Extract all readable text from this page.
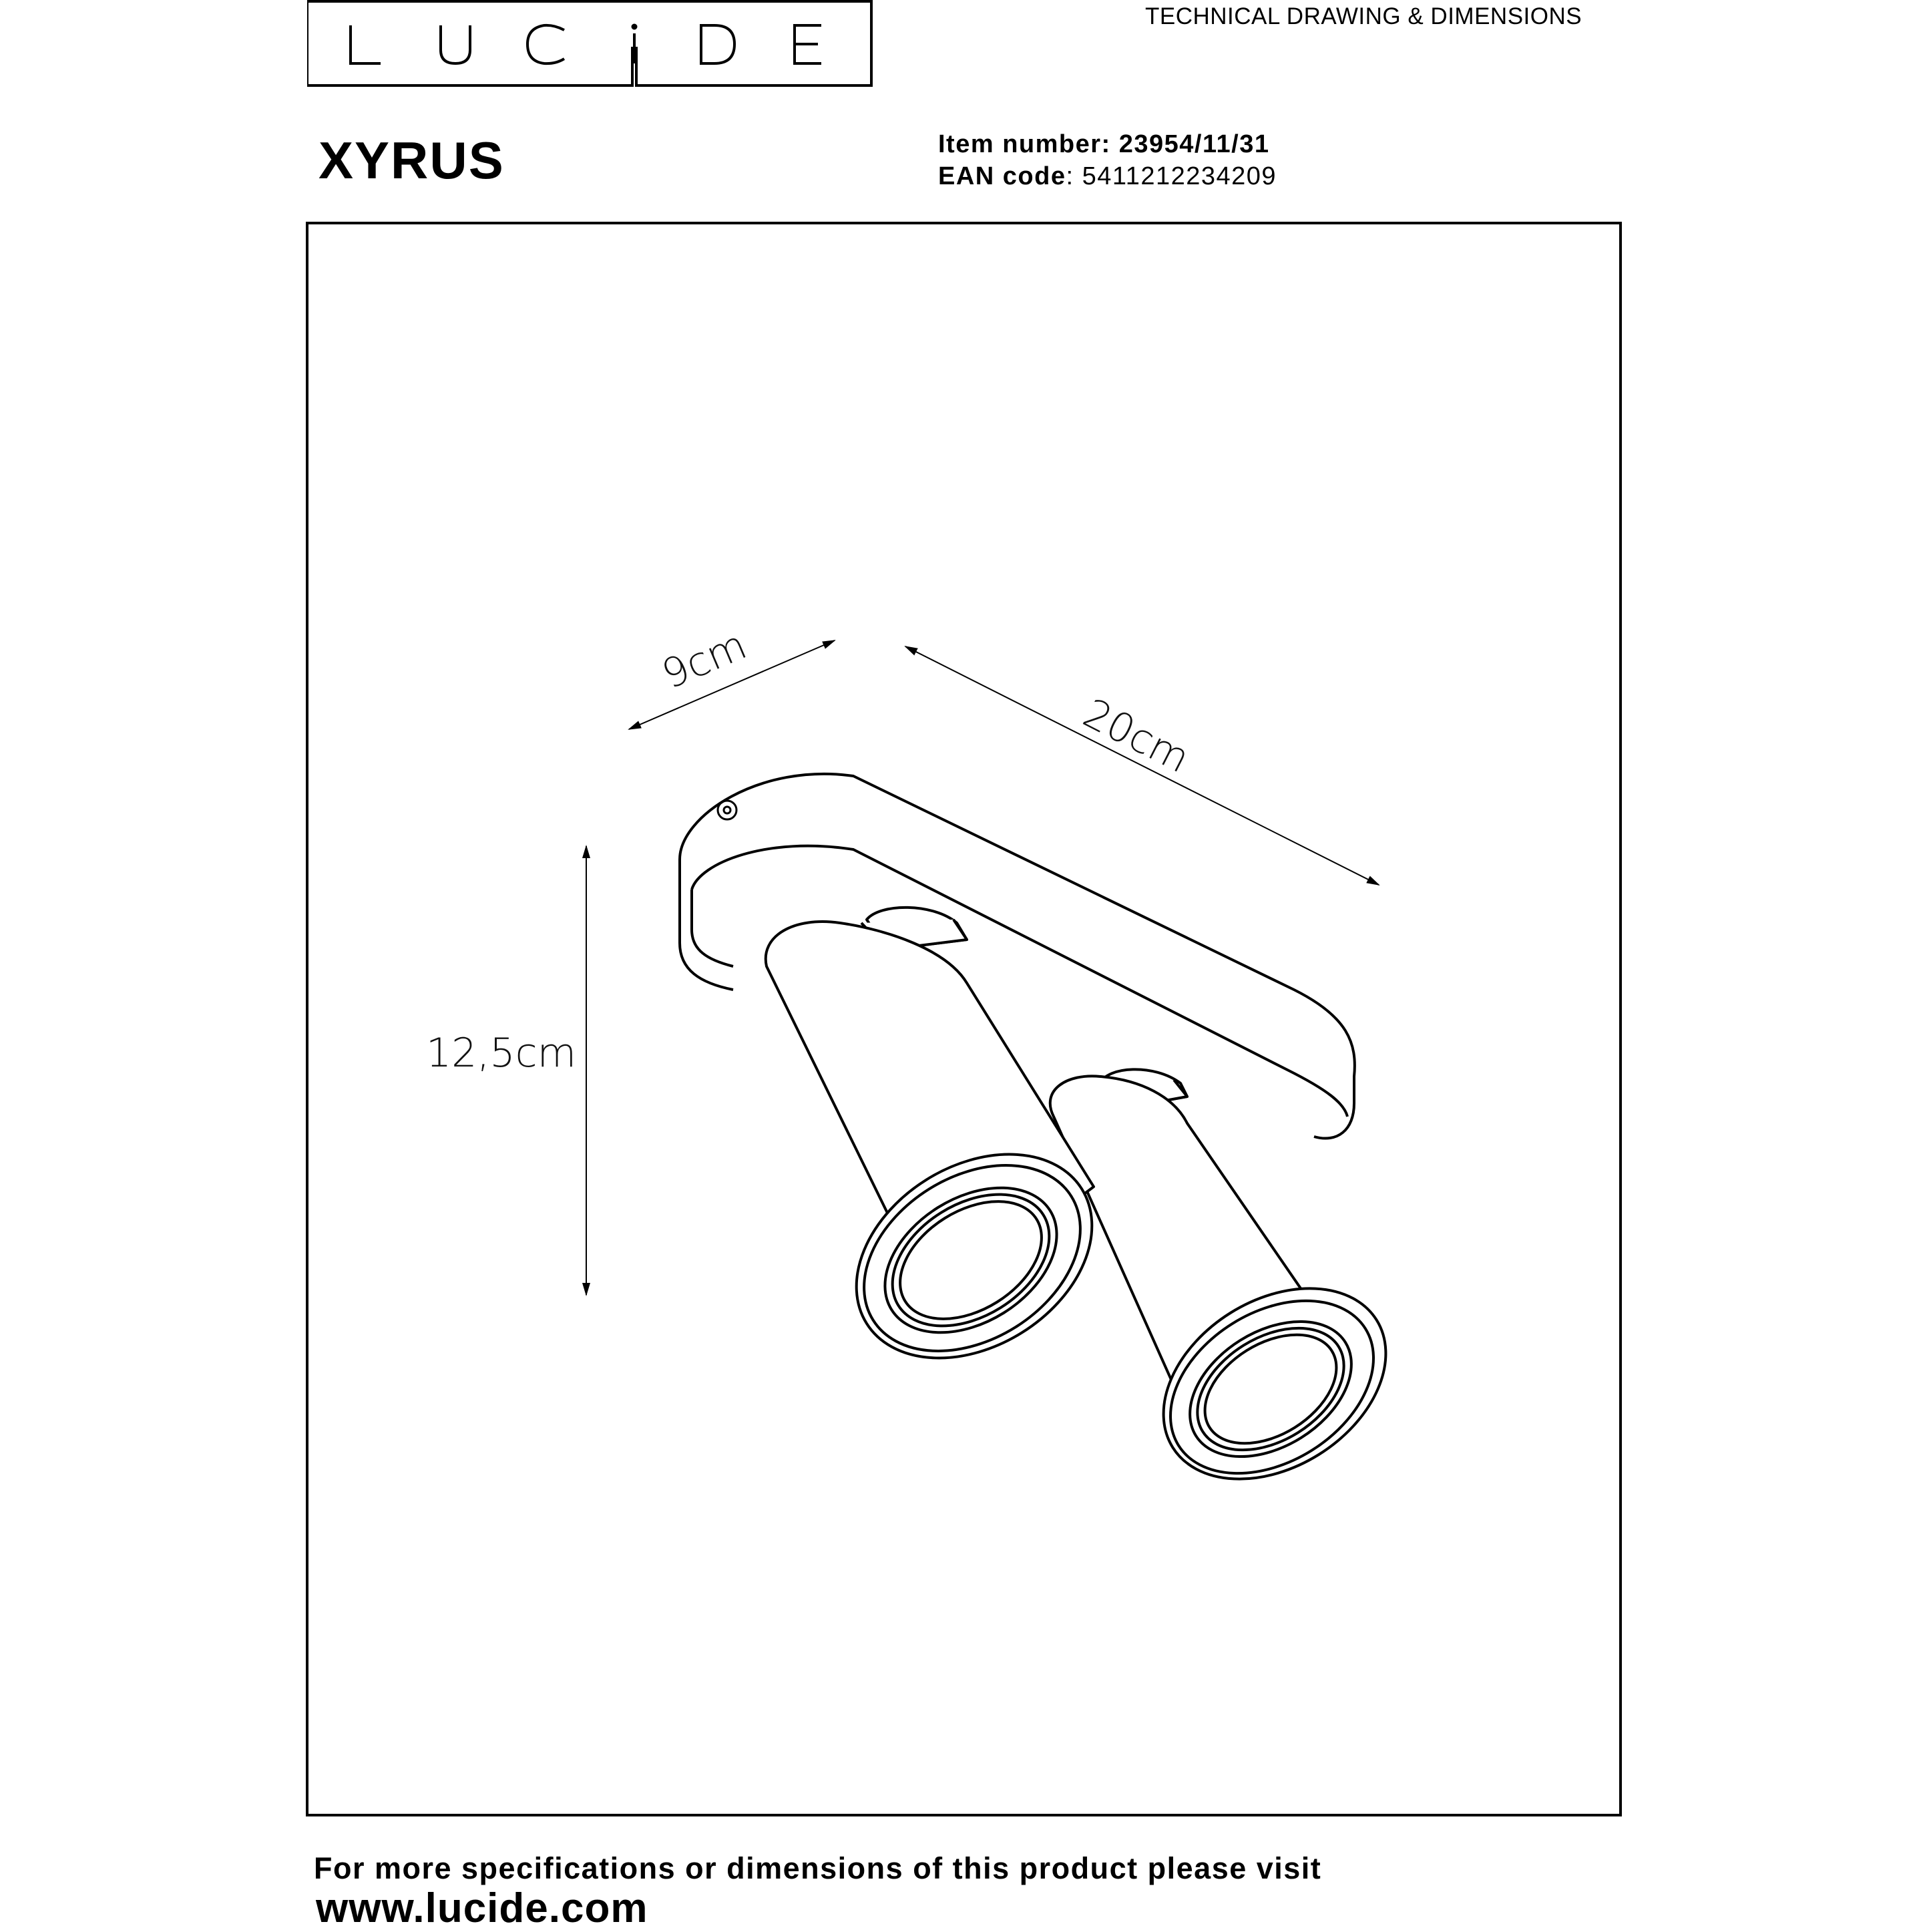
TECHNICAL DRAWING & DIMENSIONS
XYRUS	Item number: 23954/11/31
EAN code: 5411212234209
9cm
20cm
12,5cm
For more specifications or dimensions of this product please visit
www.lucide.com
